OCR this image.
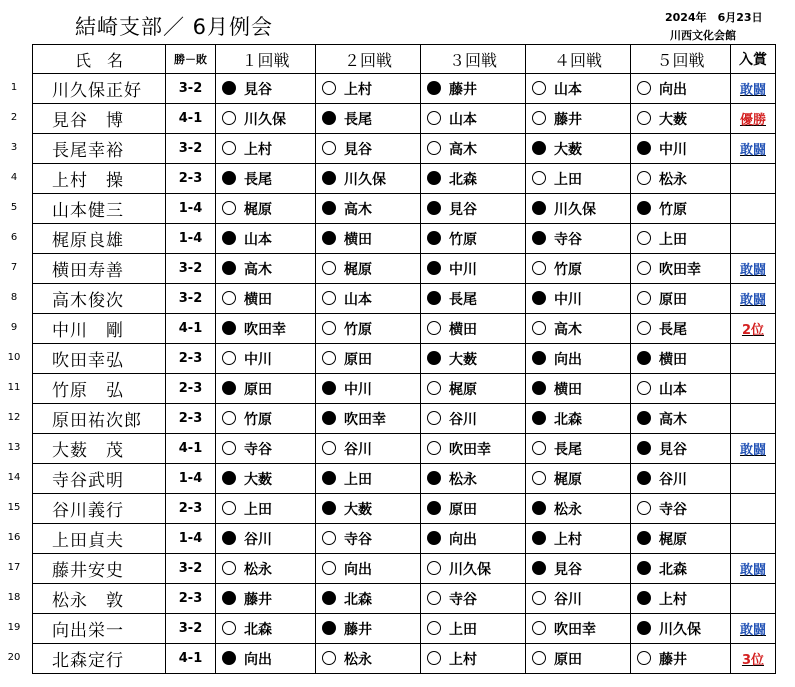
結崎支部／ 6月例会	2024年　6月23日
川西文化会館
1
2
3
4
5
6
7
8
9
10
11
12
13
14
15
16
17
18
19
20
氏　名	勝－敗	１回戦	２回戦	３回戦	４回戦	５回戦	入賞
川久保正好	3-2	見谷	上村	藤井	山本	向出	敢闘
見谷　博	4-1	川久保	長尾	山本	藤井	大薮	優勝
長尾幸裕	3-2	上村	見谷	高木	大薮	中川	敢闘
上村　操	2-3	長尾	川久保	北森	上田	松永	

山本健三	1-4	梶原	高木	見谷	川久保	竹原	

梶原良雄	1-4	山本	横田	竹原	寺谷	上田	

横田寿善	3-2	高木	梶原	中川	竹原	吹田幸	敢闘
高木俊次	3-2	横田	山本	長尾	中川	原田	敢闘
中川　剛	4-1	吹田幸	竹原	横田	高木	長尾	2位
吹田幸弘	2-3	中川	原田	大薮	向出	横田	

竹原　弘	2-3	原田	中川	梶原	横田	山本	

原田祐次郎	2-3	竹原	吹田幸	谷川	北森	高木	

大薮　茂	4-1	寺谷	谷川	吹田幸	長尾	見谷	敢闘
寺谷武明	1-4	大薮	上田	松永	梶原	谷川	

谷川義行	2-3	上田	大薮	原田	松永	寺谷	

上田貞夫	1-4	谷川	寺谷	向出	上村	梶原	

藤井安史	3-2	松永	向出	川久保	見谷	北森	敢闘
松永　敦	2-3	藤井	北森	寺谷	谷川	上村	

向出栄一	3-2	北森	藤井	上田	吹田幸	川久保	敢闘
北森定行	4-1	向出	松永	上村	原田	藤井	3位
